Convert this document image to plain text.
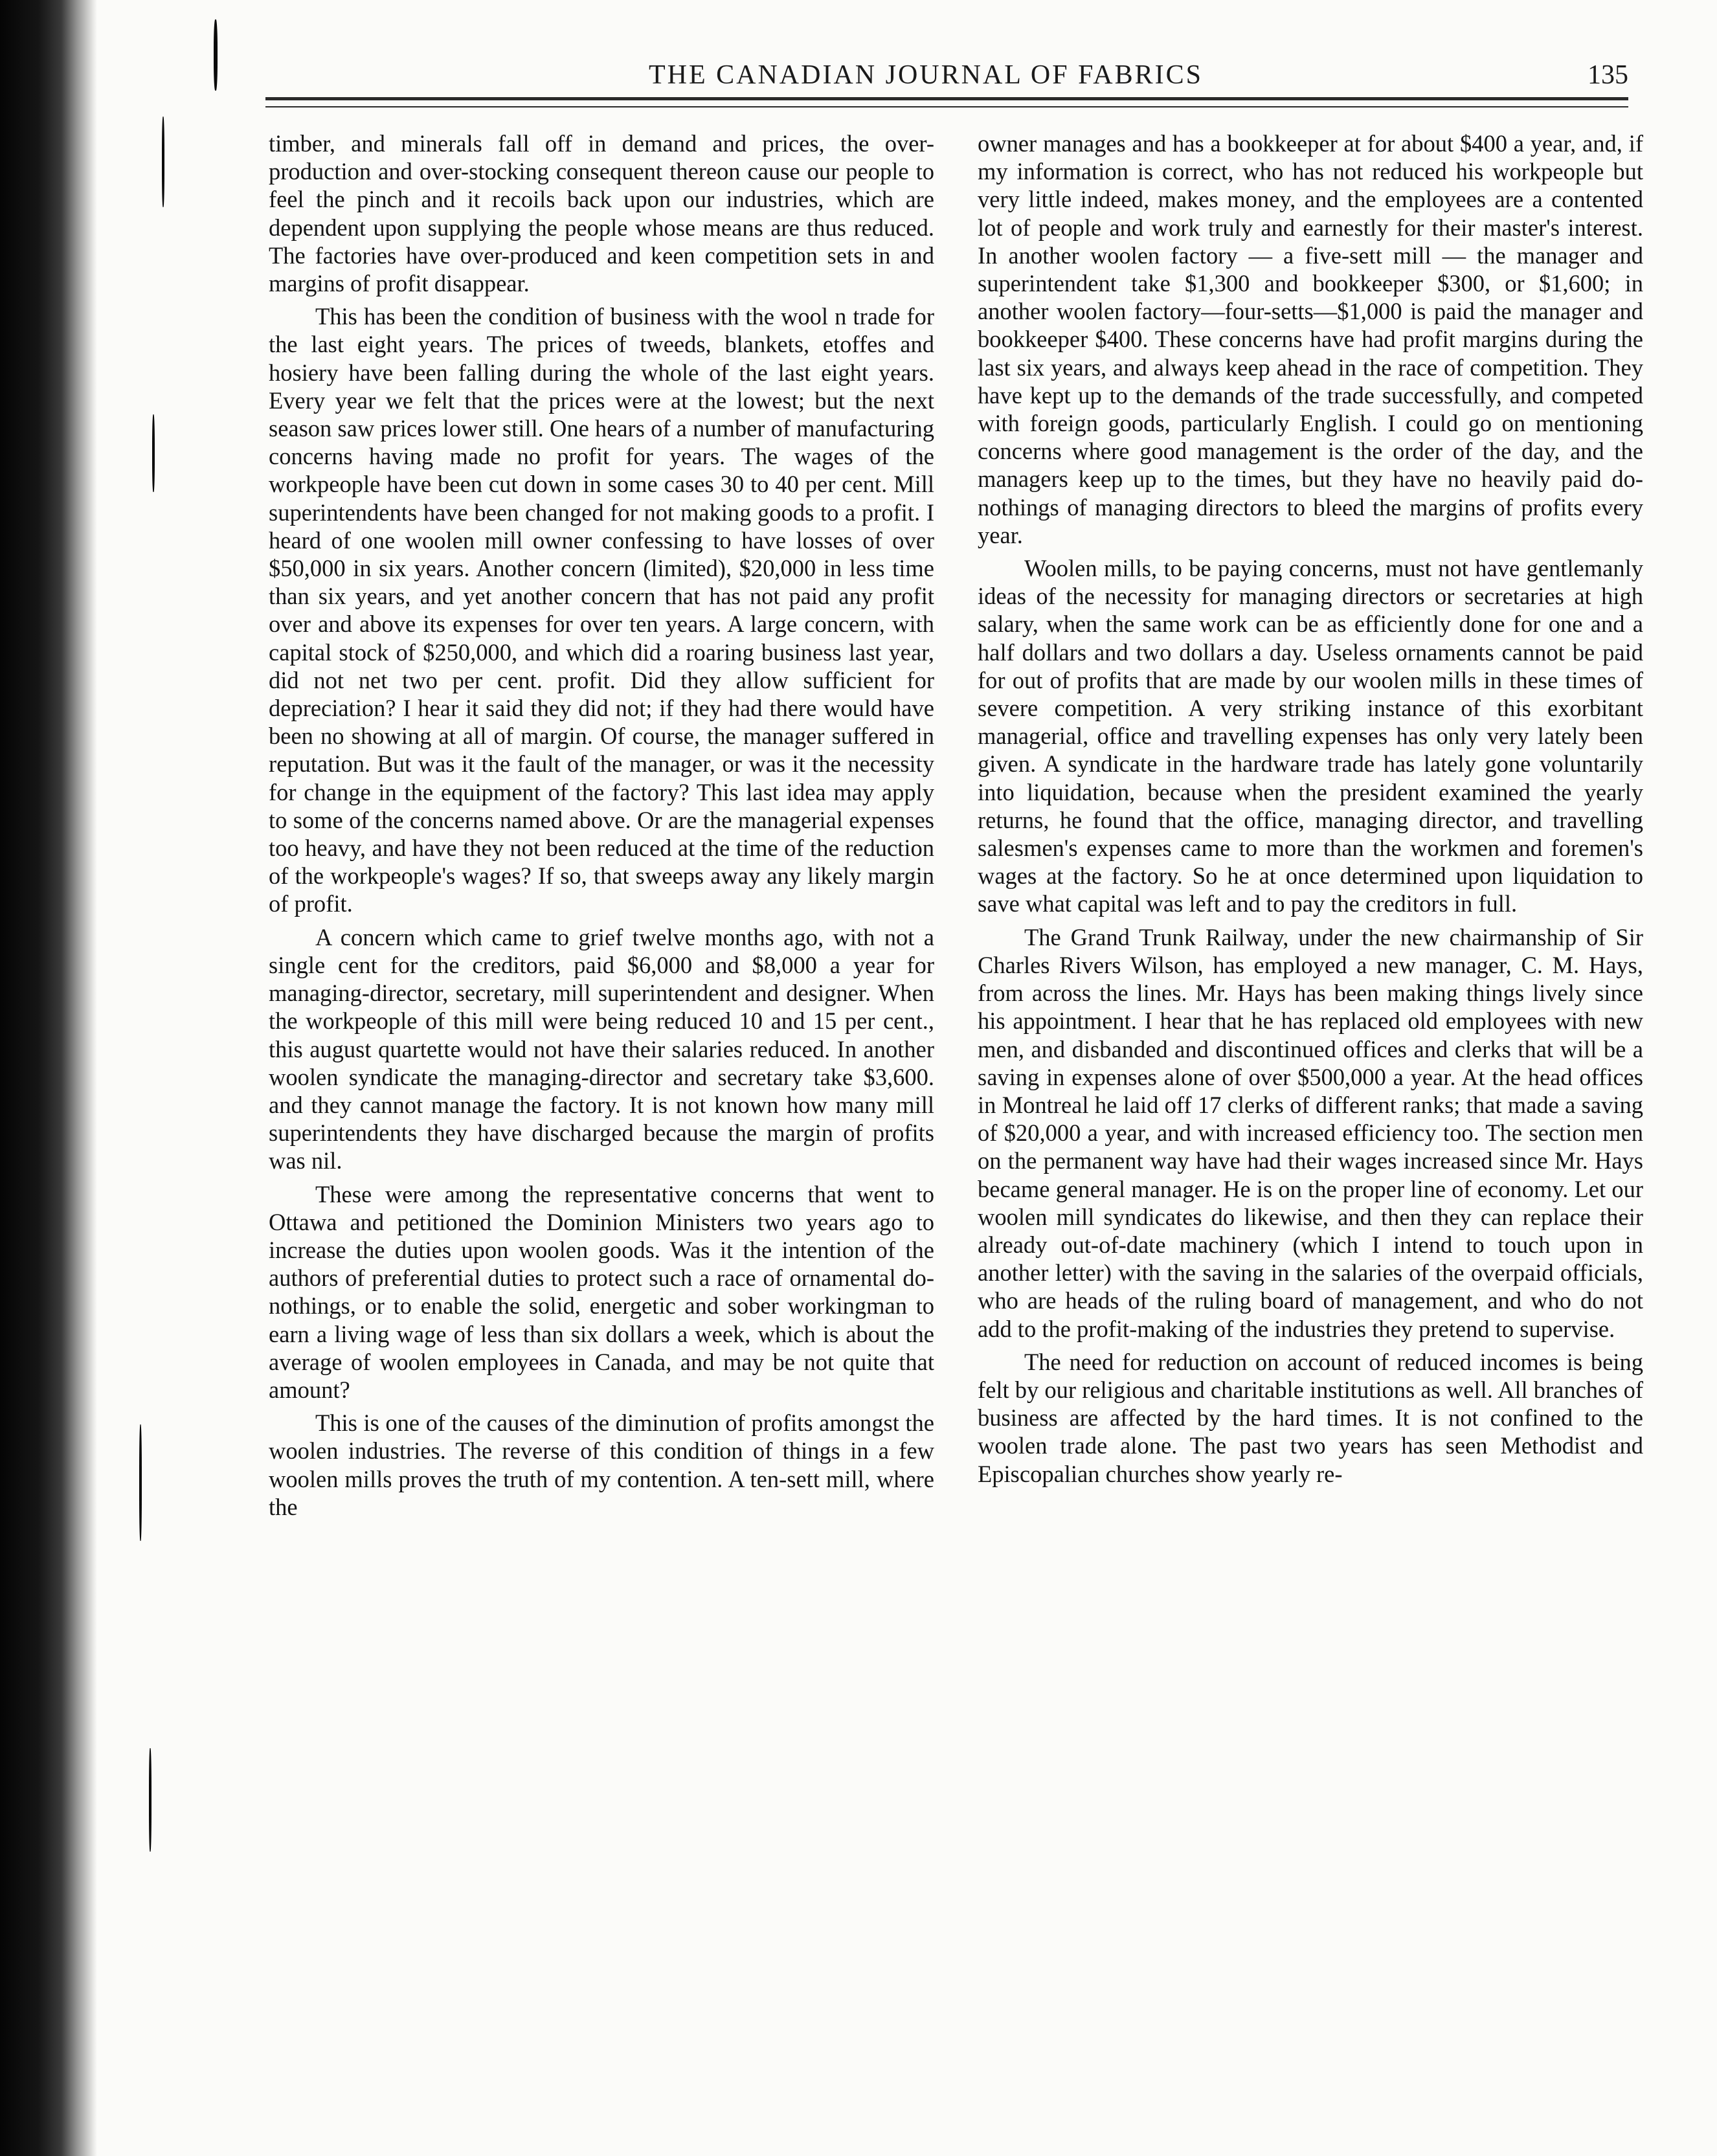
THE CANADIAN JOURNAL OF FABRICS	135

timber, and minerals fall off in demand and prices, the over-production and over-stocking consequent thereon cause our people to feel the pinch and it recoils back upon our industries, which are dependent upon supplying the people whose means are thus reduced. The factories have over-produced and keen competition sets in and margins of profit disappear.

This has been the condition of business with the wool n trade for the last eight years. The prices of tweeds, blankets, etoffes and hosiery have been falling during the whole of the last eight years. Every year we felt that the prices were at the lowest; but the next season saw prices lower still. One hears of a number of manufacturing concerns having made no profit for years. The wages of the workpeople have been cut down in some cases 30 to 40 per cent. Mill superintendents have been changed for not making goods to a profit. I heard of one woolen mill owner confessing to have losses of over $50,000 in six years. Another concern (limited), $20,000 in less time than six years, and yet another concern that has not paid any profit over and above its expenses for over ten years. A large concern, with capital stock of $250,000, and which did a roaring business last year, did not net two per cent. profit. Did they allow sufficient for depreciation? I hear it said they did not; if they had there would have been no showing at all of margin. Of course, the manager suffered in reputation. But was it the fault of the manager, or was it the necessity for change in the equipment of the factory? This last idea may apply to some of the concerns named above. Or are the managerial expenses too heavy, and have they not been reduced at the time of the reduction of the workpeople's wages? If so, that sweeps away any likely margin of profit.

A concern which came to grief twelve months ago, with not a single cent for the creditors, paid $6,000 and $8,000 a year for managing-director, secretary, mill superintendent and designer. When the workpeople of this mill were being reduced 10 and 15 per cent., this august quartette would not have their salaries reduced. In another woolen syndicate the managing-director and secretary take $3,600. and they cannot manage the factory. It is not known how many mill superintendents they have discharged because the margin of profits was nil.

These were among the representative concerns that went to Ottawa and petitioned the Dominion Ministers two years ago to increase the duties upon woolen goods. Was it the intention of the authors of preferential duties to protect such a race of ornamental do-nothings, or to enable the solid, energetic and sober workingman to earn a living wage of less than six dollars a week, which is about the average of woolen employees in Canada, and may be not quite that amount?

This is one of the causes of the diminution of profits amongst the woolen industries. The reverse of this condition of things in a few woolen mills proves the truth of my contention. A ten-sett mill, where the

owner manages and has a bookkeeper at for about $400 a year, and, if my information is correct, who has not reduced his workpeople but very little indeed, makes money, and the employees are a contented lot of people and work truly and earnestly for their master's interest. In another woolen factory — a five-sett mill — the manager and superintendent take $1,300 and bookkeeper $300, or $1,600; in another woolen factory—four-setts—$1,000 is paid the manager and bookkeeper $400. These concerns have had profit margins during the last six years, and always keep ahead in the race of competition. They have kept up to the demands of the trade successfully, and competed with foreign goods, particularly English. I could go on mentioning concerns where good management is the order of the day, and the managers keep up to the times, but they have no heavily paid do-nothings of managing directors to bleed the margins of profits every year.

Woolen mills, to be paying concerns, must not have gentlemanly ideas of the necessity for managing directors or secretaries at high salary, when the same work can be as efficiently done for one and a half dollars and two dollars a day. Useless ornaments cannot be paid for out of profits that are made by our woolen mills in these times of severe competition. A very striking instance of this exorbitant managerial, office and travelling expenses has only very lately been given. A syndicate in the hardware trade has lately gone voluntarily into liquidation, because when the president examined the yearly returns, he found that the office, managing director, and travelling salesmen's expenses came to more than the workmen and foremen's wages at the factory. So he at once determined upon liquidation to save what capital was left and to pay the creditors in full.

The Grand Trunk Railway, under the new chairmanship of Sir Charles Rivers Wilson, has employed a new manager, C. M. Hays, from across the lines. Mr. Hays has been making things lively since his appointment. I hear that he has replaced old employees with new men, and disbanded and discontinued offices and clerks that will be a saving in expenses alone of over $500,000 a year. At the head offices in Montreal he laid off 17 clerks of different ranks; that made a saving of $20,000 a year, and with increased efficiency too. The section men on the permanent way have had their wages increased since Mr. Hays became general manager. He is on the proper line of economy. Let our woolen mill syndicates do likewise, and then they can replace their already out-of-date machinery (which I intend to touch upon in another letter) with the saving in the salaries of the overpaid officials, who are heads of the ruling board of management, and who do not add to the profit-making of the industries they pretend to supervise.

The need for reduction on account of reduced incomes is being felt by our religious and charitable institutions as well. All branches of business are affected by the hard times. It is not confined to the woolen trade alone. The past two years has seen Methodist and Episcopalian churches show yearly re-
